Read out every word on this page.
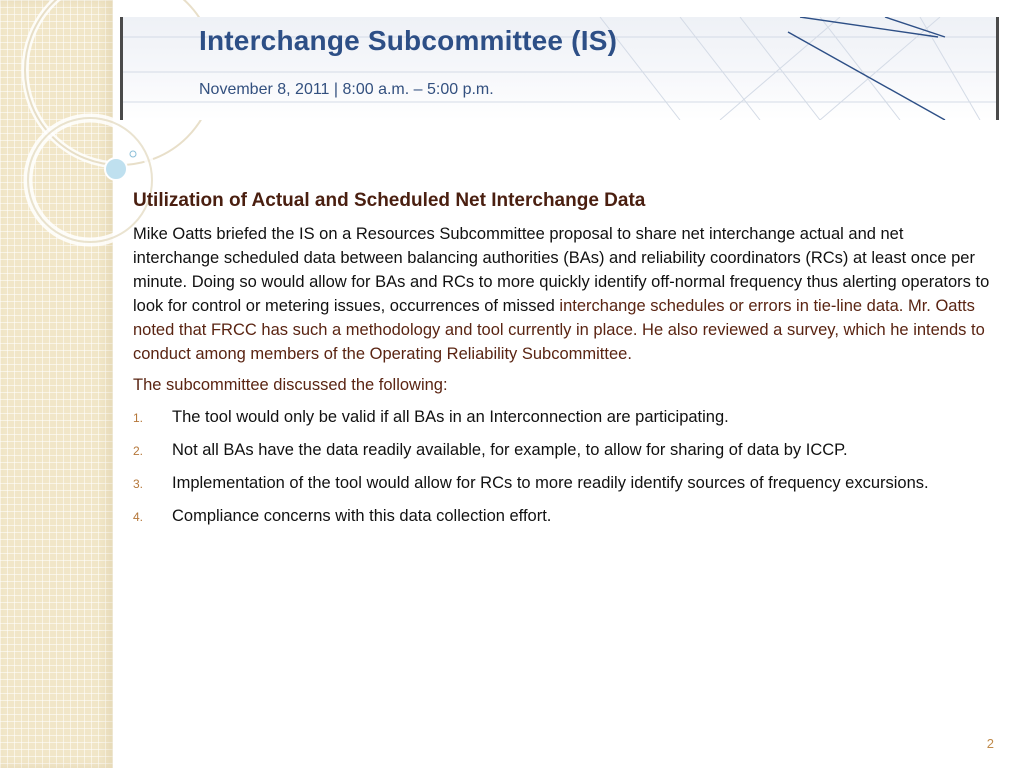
Interchange Subcommittee (IS)

November 8, 2011 | 8:00 a.m. – 5:00 p.m.

Utilization of Actual and Scheduled Net Interchange Data

Mike Oatts briefed the IS on a Resources Subcommittee proposal to share net interchange actual and net interchange scheduled data between balancing authorities (BAs) and reliability coordinators (RCs) at least once per minute. Doing so would allow for BAs and RCs to more quickly identify off-normal frequency thus alerting operators to look for control or metering issues, occurrences of missed interchange schedules or errors in tie-line data. Mr. Oatts noted that FRCC has such a methodology and tool currently in place. He also reviewed a survey, which he intends to conduct among members of the Operating Reliability Subcommittee.

The subcommittee discussed the following:

1. The tool would only be valid if all BAs in an Interconnection are participating.
2. Not all BAs have the data readily available, for example, to allow for sharing of data by ICCP.
3. Implementation of the tool would allow for RCs to more readily identify sources of frequency excursions.
4. Compliance concerns with this data collection effort.
2
